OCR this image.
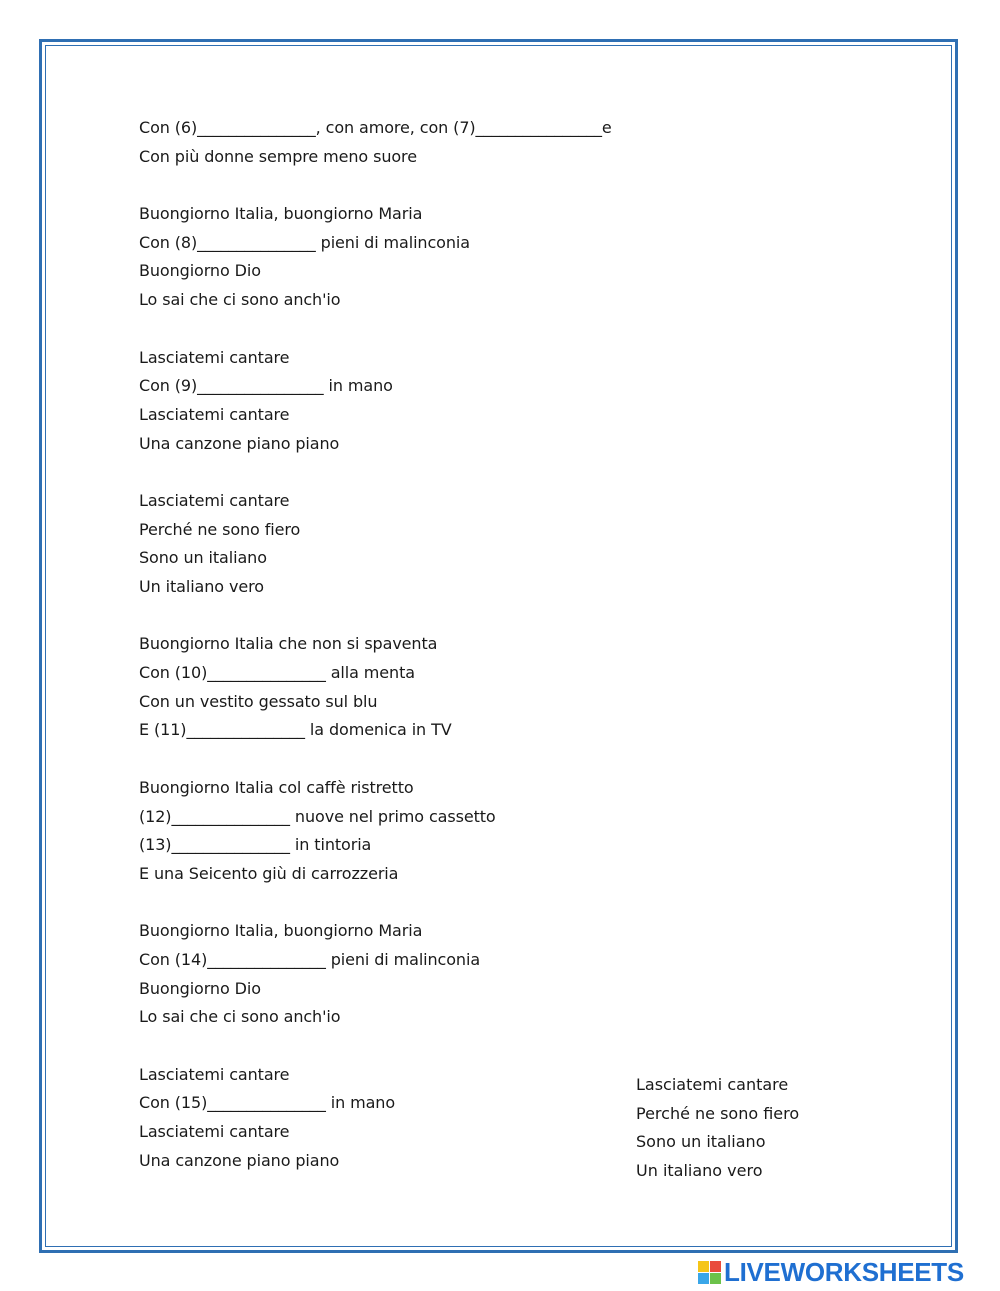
Con (6)_______________, con amore, con (7)________________e
Con più donne sempre meno suore
Buongiorno Italia, buongiorno Maria
Con (8)_______________ pieni di malinconia
Buongiorno Dio
Lo sai che ci sono anch'io
Lasciatemi cantare
Con (9)________________ in mano
Lasciatemi cantare
Una canzone piano piano
Lasciatemi cantare
Perché ne sono fiero
Sono un italiano
Un italiano vero
Buongiorno Italia che non si spaventa
Con (10)_______________ alla menta
Con un vestito gessato sul blu
E (11)_______________ la domenica in TV
Buongiorno Italia col caffè ristretto
(12)_______________ nuove nel primo cassetto
(13)_______________ in tintoria
E una Seicento giù di carrozzeria
Buongiorno Italia, buongiorno Maria
Con (14)_______________ pieni di malinconia
Buongiorno Dio
Lo sai che ci sono anch'io
Lasciatemi cantare
Con (15)_______________ in mano
Lasciatemi cantare
Una canzone piano piano
Lasciatemi cantare
Perché ne sono fiero
Sono un italiano
Un italiano vero
LIVEWORKSHEETS
